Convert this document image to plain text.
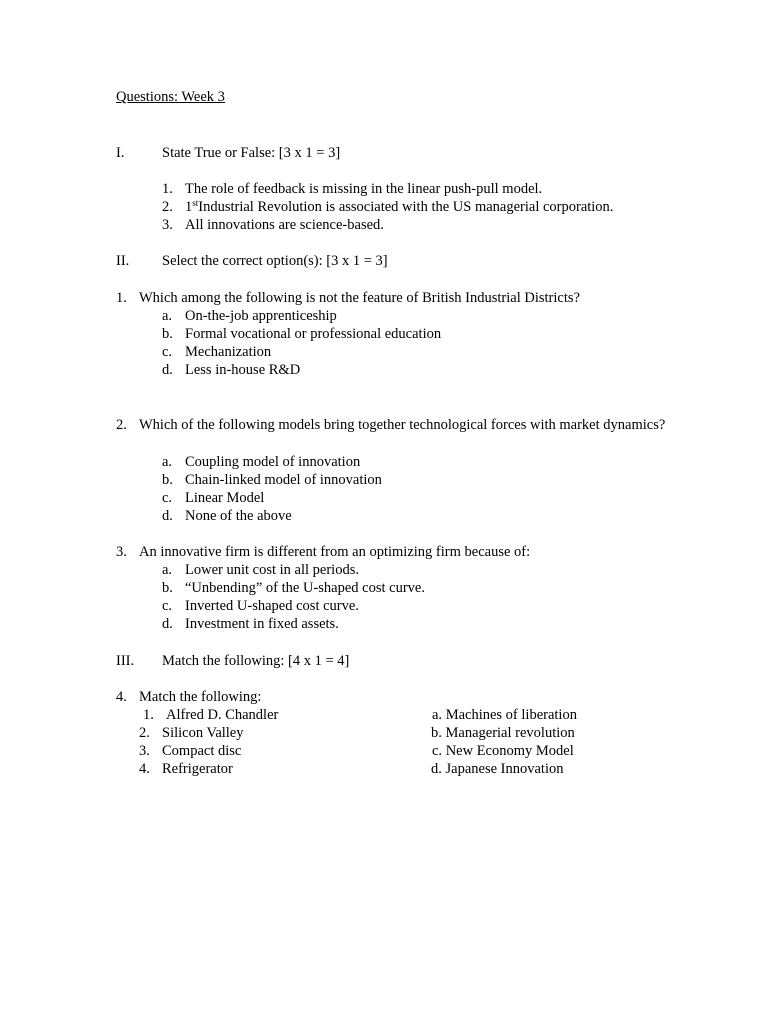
Questions: Week 3
I.	State True or False: [3 x 1 = 3]
1. The role of feedback is missing in the linear push-pull model.
2. 1stIndustrial Revolution is associated with the US managerial corporation.
3. All innovations are science-based.
II. Select the correct option(s): [3 x 1 = 3]
1. Which among the following is not the feature of British Industrial Districts?
a. On-the-job apprenticeship
b. Formal vocational or professional education
c. Mechanization
d. Less in-house R&D
2. Which of the following models bring together technological forces with market dynamics?
a. Coupling model of innovation
b. Chain-linked model of innovation
c. Linear Model
d. None of the above
3. An innovative firm is different from an optimizing firm because of:
a. Lower unit cost in all periods.
b. “Unbending” of the U-shaped cost curve.
c. Inverted U-shaped cost curve.
d. Investment in fixed assets.
III. Match the following: [4 x 1 = 4]
4. Match the following:
1. Alfred D. Chandler
2. Silicon Valley
3. Compact disc
4. Refrigerator
a. Machines of liberation
b. Managerial revolution
c. New Economy Model
d. Japanese Innovation
